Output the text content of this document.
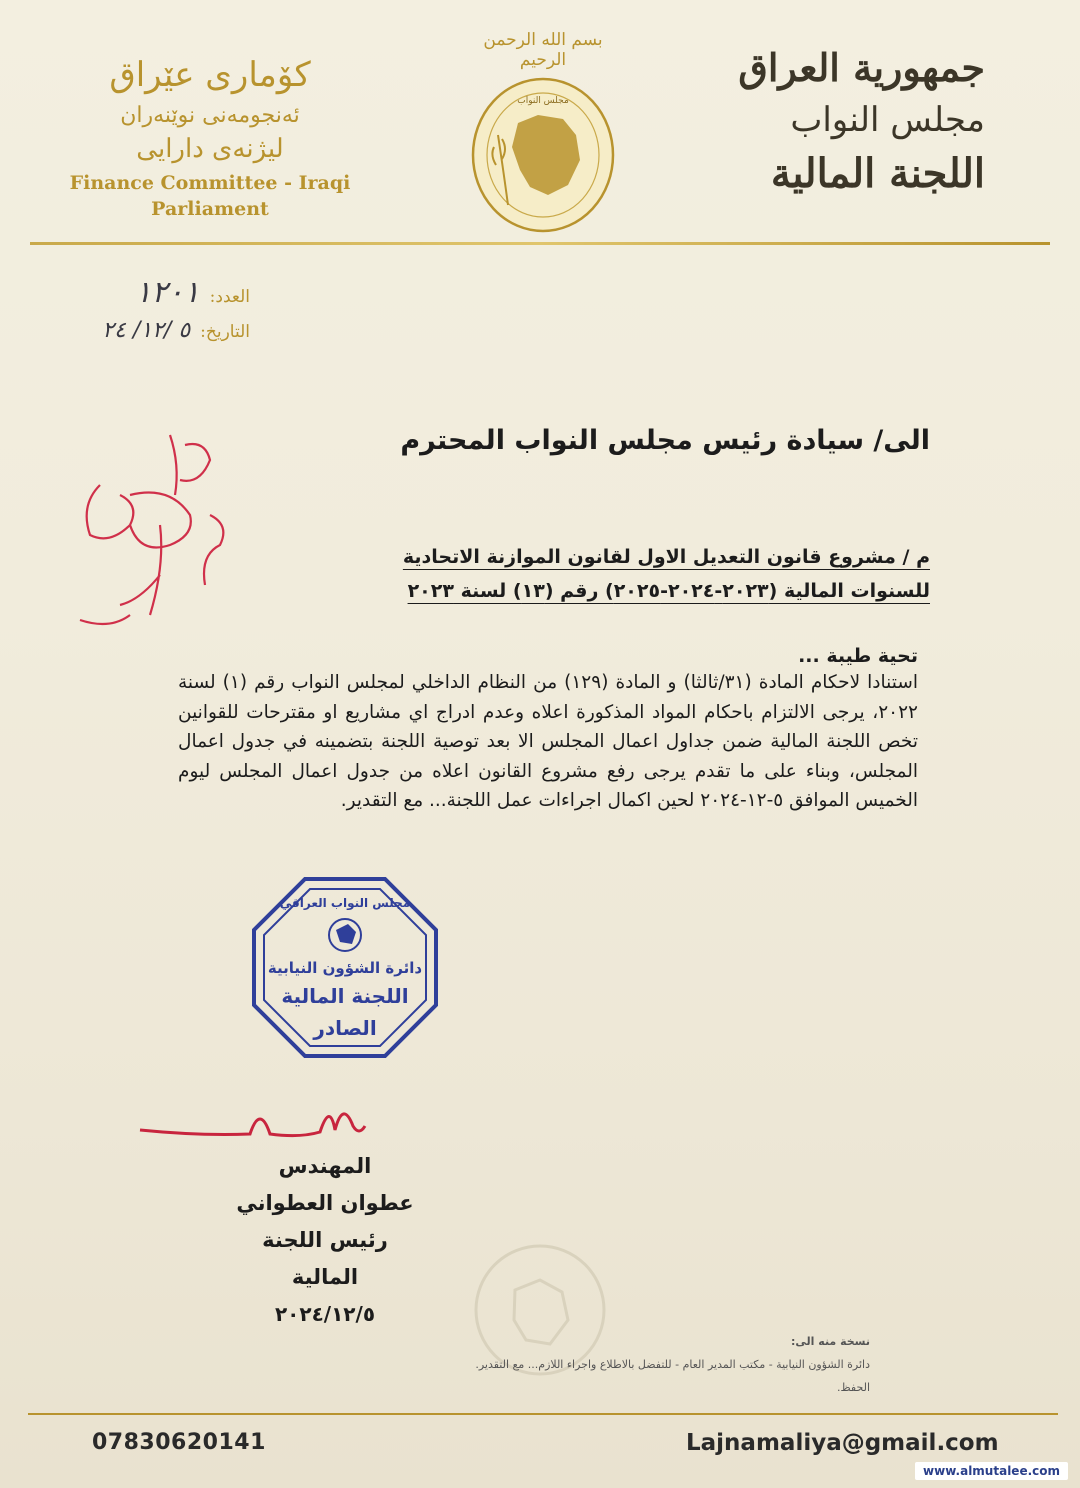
جمهورية العراق
مجلس النواب
اللجنة المالية
بسم الله الرحمن الرحيم
مجلس النواب
کۆماری عێراق
ئەنجومەنی نوێنەران
لیژنەی دارایی
Finance Committee - Iraqi Parliament
العدد:
١٢٠١
التاريخ:
٥ /١٢/ ٢٤
الى/ سيادة رئيس مجلس النواب المحترم
م / مشروع قانون التعديل الاول لقانون الموازنة الاتحادية
للسنوات المالية (٢٠٢٣-٢٠٢٤-٢٠٢٥) رقم (١٣) لسنة ٢٠٢٣
تحية طيبة ...

استنادا لاحكام المادة (٣١/ثالثا) و المادة (١٢٩) من النظام الداخلي لمجلس النواب رقم (١) لسنة ٢٠٢٢، يرجى الالتزام باحكام المواد المذكورة اعلاه وعدم ادراج اي مشاريع او مقترحات للقوانين تخص اللجنة المالية ضمن جداول اعمال المجلس الا بعد توصية اللجنة بتضمينه في جدول اعمال المجلس، وبناء على ما تقدم يرجى رفع مشروع القانون اعلاه من جدول اعمال المجلس ليوم الخميس الموافق ٥-١٢-٢٠٢٤ لحين اكمال اجراءات عمل اللجنة... مع التقدير.

مجلس النواب العراقي
دائرة الشؤون النيابية
اللجنة المالية
الصادر
المهندس
عطوان العطواني
رئيس اللجنة المالية
٢٠٢٤/١٢/٥
نسخة منه الى:
دائرة الشؤون النيابية - مكتب المدير العام - للتفضل بالاطلاع واجراء اللازم... مع التقدير.
الحفظ.
07830620141	Lajnamaliya@gmail.com
www.almutalee.com
